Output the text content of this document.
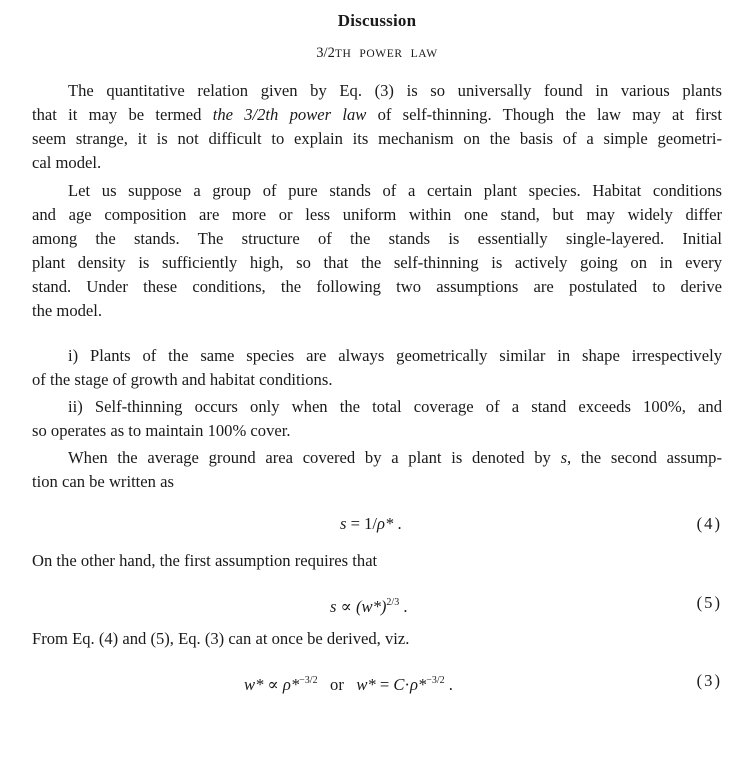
Discussion
3/2TH POWER LAW
The quantitative relation given by Eq. (3) is so universally found in various plants
that it may be termed the 3/2th power law of self-thinning. Though the law may at first
seem strange, it is not difficult to explain its mechanism on the basis of a simple geometri-
cal model.
Let us suppose a group of pure stands of a certain plant species. Habitat conditions
and age composition are more or less uniform within one stand, but may widely differ
among the stands. The structure of the stands is essentially single-layered. Initial
plant density is sufficiently high, so that the self-thinning is actively going on in every
stand. Under these conditions, the following two assumptions are postulated to derive
the model.
i) Plants of the same species are always geometrically similar in shape irrespectively
of the stage of growth and habitat conditions.
ii) Self-thinning occurs only when the total coverage of a stand exceeds 100%, and
so operates as to maintain 100% cover.
When the average ground area covered by a plant is denoted by s, the second assump-
tion can be written as
s = 1/ρ* .	(4)
On the other hand, the first assumption requires that
$s \propto (w*)^{2/3}$ .	(5)
From Eq. (4) and (5), Eq. (3) can at once be derived, viz.
w* ∝ ρ*$^{-3/2}$   or   w* = C·ρ*$^{-3/2}$ .	(3)
